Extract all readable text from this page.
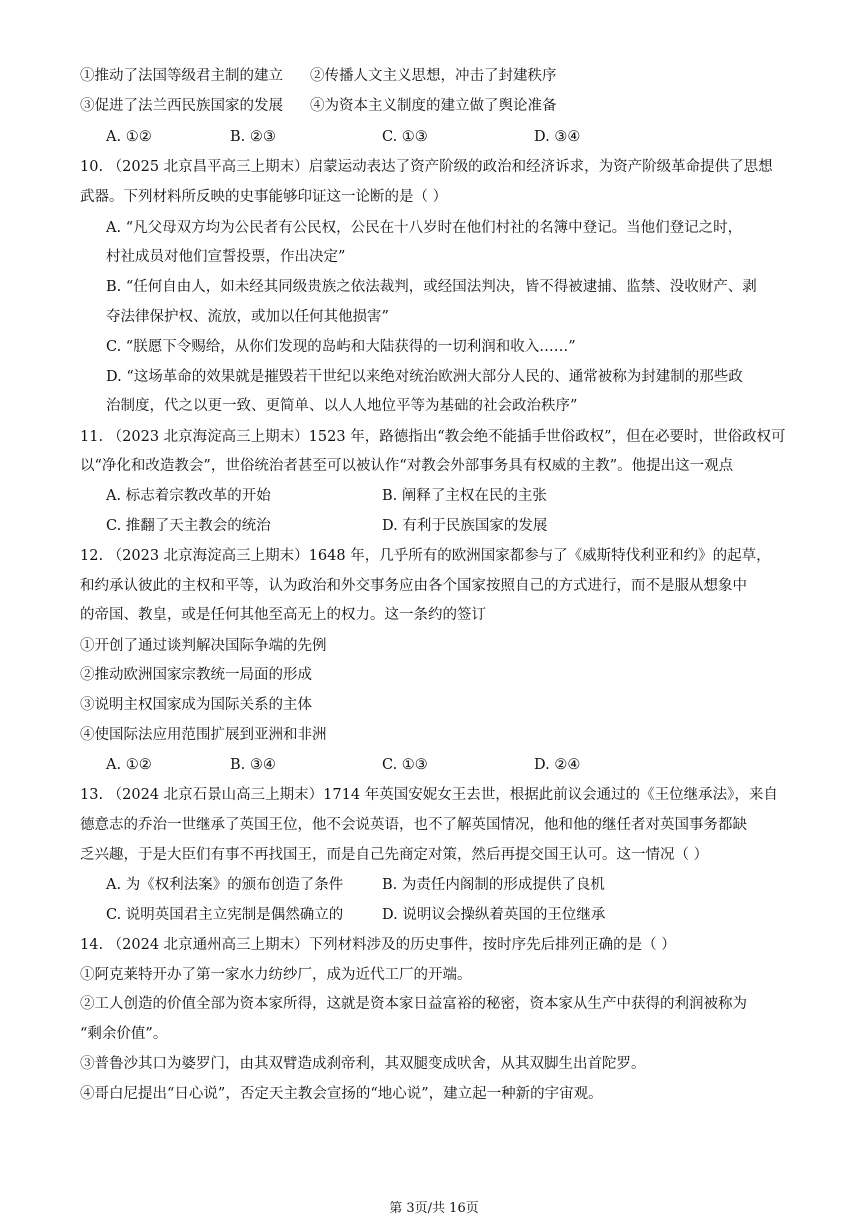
①推动了法国等级君主制的建立 ②传播人文主义思想，冲击了封建秩序
③促进了法兰西民族国家的发展 ④为资本主义制度的建立做了舆论准备
A. ①②	B. ②③	C. ①③	D. ③④
10. （2025 北京昌平高三上期末）启蒙运动表达了资产阶级的政治和经济诉求，为资产阶级革命提供了思想
武器。下列材料所反映的史事能够印证这一论断的是（ ）
A. “凡父母双方均为公民者有公民权，公民在十八岁时在他们村社的名簿中登记。当他们登记之时，
村社成员对他们宣誓投票，作出决定”
B. “任何自由人，如未经其同级贵族之依法裁判，或经国法判决，皆不得被逮捕、监禁、没收财产、剥
夺法律保护权、流放，或加以任何其他损害”
C. “朕愿下令赐给，从你们发现的岛屿和大陆获得的一切利润和收入……”
D. “这场革命的效果就是摧毁若干世纪以来绝对统治欧洲大部分人民的、通常被称为封建制的那些政
治制度，代之以更一致、更简单、以人人地位平等为基础的社会政治秩序”
11. （2023 北京海淀高三上期末）1523 年，路德指出“教会绝不能插手世俗政权”，但在必要时，世俗政权可
以“净化和改造教会”，世俗统治者甚至可以被认作“对教会外部事务具有权威的主教”。他提出这一观点
A. 标志着宗教改革的开始	B. 阐释了主权在民的主张
C. 推翻了天主教会的统治	D. 有利于民族国家的发展
12. （2023 北京海淀高三上期末）1648 年，几乎所有的欧洲国家都参与了《威斯特伐利亚和约》的起草，
和约承认彼此的主权和平等，认为政治和外交事务应由各个国家按照自己的方式进行，而不是服从想象中
的帝国、教皇，或是任何其他至高无上的权力。这一条约的签订
①开创了通过谈判解决国际争端的先例
②推动欧洲国家宗教统一局面的形成
③说明主权国家成为国际关系的主体
④使国际法应用范围扩展到亚洲和非洲
A. ①②	B. ③④	C. ①③	D. ②④
13. （2024 北京石景山高三上期末）1714 年英国安妮女王去世，根据此前议会通过的《王位继承法》，来自
德意志的乔治一世继承了英国王位，他不会说英语，也不了解英国情况，他和他的继任者对英国事务都缺
乏兴趣，于是大臣们有事不再找国王，而是自己先商定对策，然后再提交国王认可。这一情况（ ）
A. 为《权利法案》的颁布创造了条件	B. 为责任内阁制的形成提供了良机
C. 说明英国君主立宪制是偶然确立的	D. 说明议会操纵着英国的王位继承
14. （2024 北京通州高三上期末）下列材料涉及的历史事件，按时序先后排列正确的是（ ）
①阿克莱特开办了第一家水力纺纱厂，成为近代工厂的开端。
②工人创造的价值全部为资本家所得，这就是资本家日益富裕的秘密，资本家从生产中获得的利润被称为
“剩余价值”。
③普鲁沙其口为婆罗门，由其双臂造成刹帝利，其双腿变成吠舍，从其双脚生出首陀罗。
④哥白尼提出“日心说”，否定天主教会宣扬的“地心说”，建立起一种新的宇宙观。
第 3页/共 16页
